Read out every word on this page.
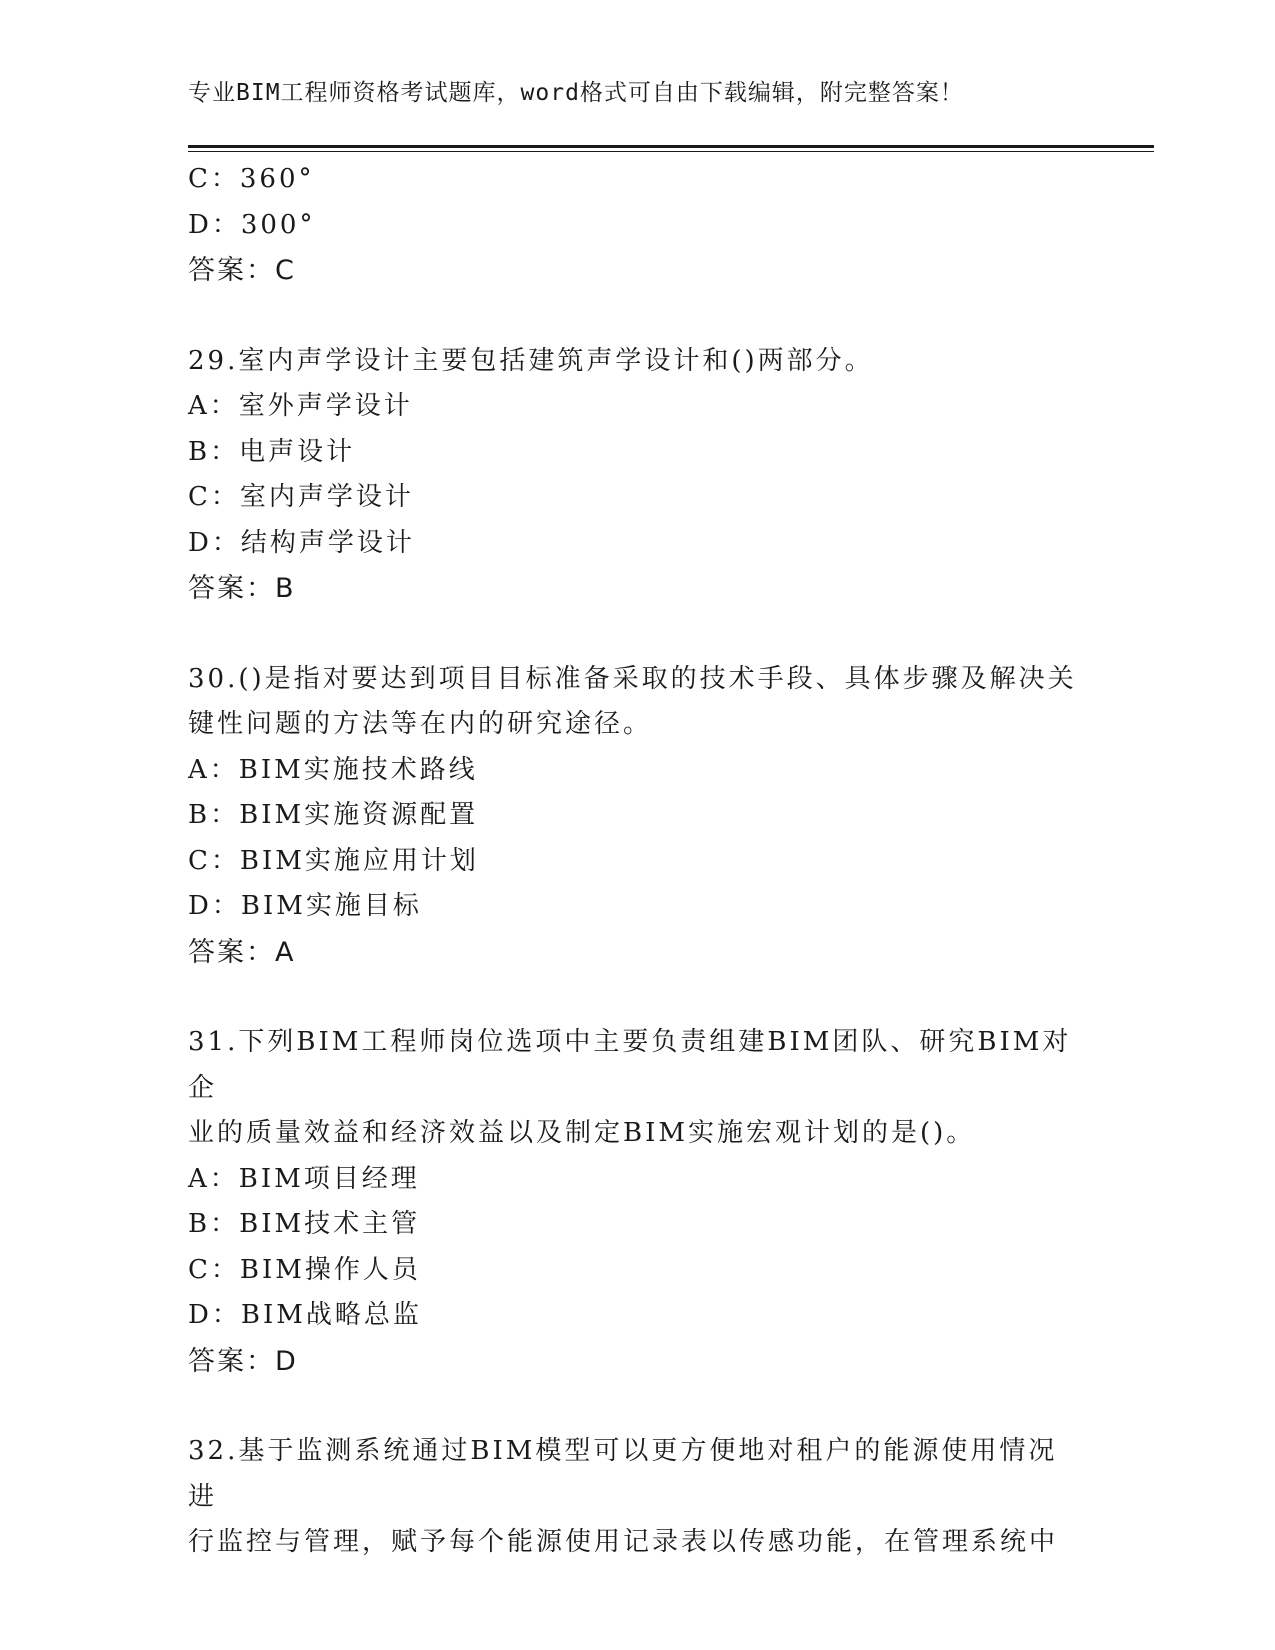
专业BIM工程师资格考试题库，word格式可自由下载编辑，附完整答案！
C：360°
D：300°
答案：C
29.室内声学设计主要包括建筑声学设计和()两部分。
A：室外声学设计
B：电声设计
C：室内声学设计
D：结构声学设计
答案：B
30.()是指对要达到项目目标准备采取的技术手段、具体步骤及解决关
键性问题的方法等在内的研究途径。
A：BIM实施技术路线
B：BIM实施资源配置
C：BIM实施应用计划
D：BIM实施目标
答案：A
31.下列BIM工程师岗位选项中主要负责组建BIM团队、研究BIM对企
业的质量效益和经济效益以及制定BIM实施宏观计划的是()。
A：BIM项目经理
B：BIM技术主管
C：BIM操作人员
D：BIM战略总监
答案：D
32.基于监测系统通过BIM模型可以更方便地对租户的能源使用情况进
行监控与管理，赋予每个能源使用记录表以传感功能，在管理系统中
